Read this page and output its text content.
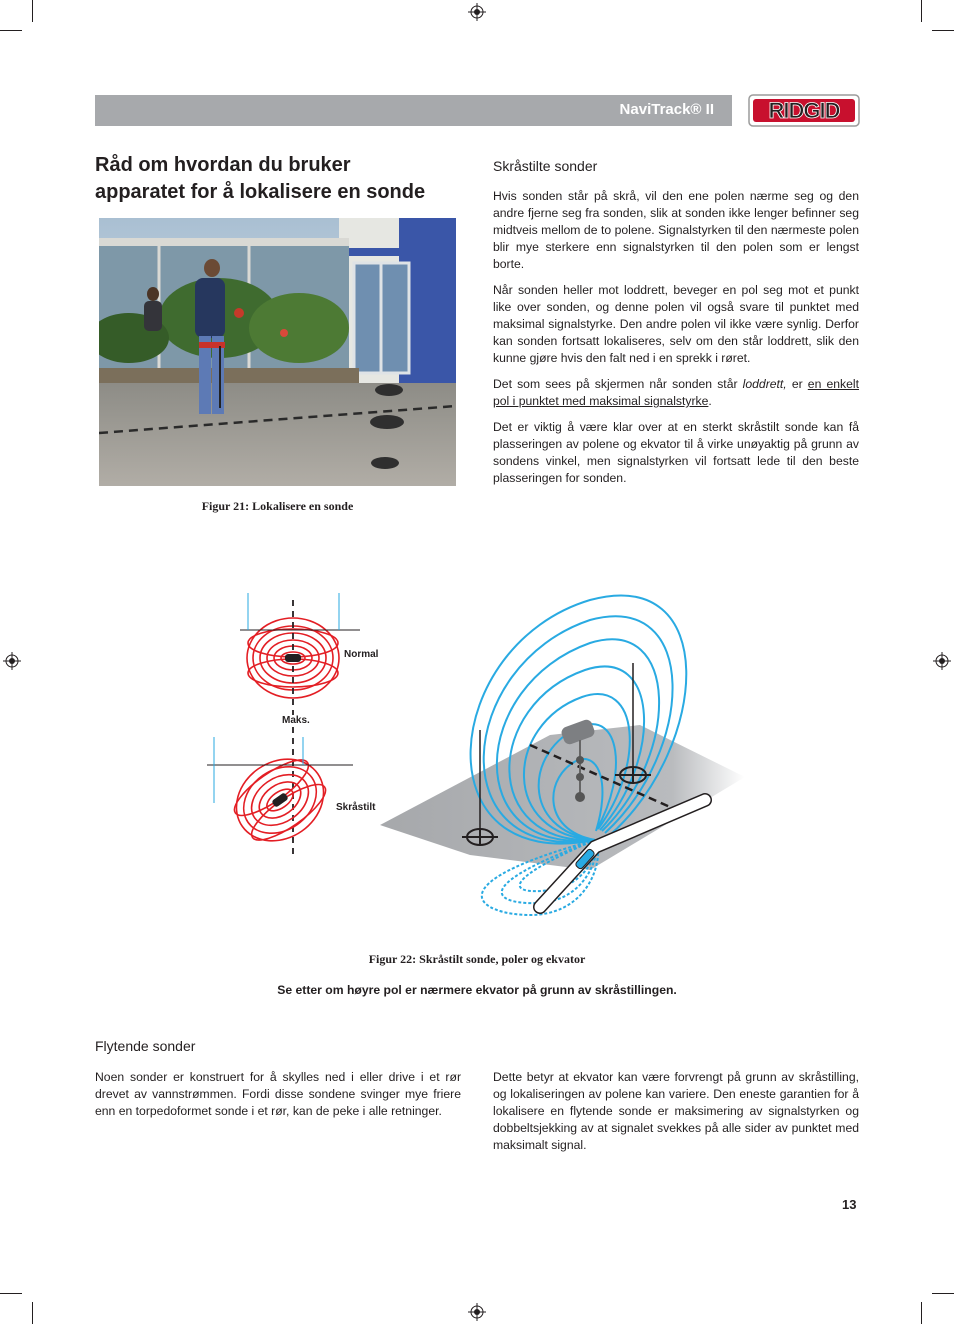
NaviTrack® II RIDGID
Råd om hvordan du bruker
apparatet for å lokalisere en sonde
Figur 21: Lokalisere en sonde
Skråstilte sonder

Hvis sonden står på skrå, vil den ene polen nærme seg og den andre fjerne seg fra sonden, slik at sonden ikke lenger befinner seg midtveis mellom de to polene. Signalstyrken til den nærmeste polen blir mye sterkere enn signalstyrken til den polen som er lengst borte.

Når sonden heller mot loddrett, beveger en pol seg mot et punkt like over sonden, og denne polen vil også svare til punktet med maksimal signalstyrke. Den andre polen vil ikke være synlig. Derfor kan sonden fortsatt lokaliseres, selv om den står loddrett, slik den kunne gjøre hvis den falt ned i en sprekk i røret.

Det som sees på skjermen når sonden står loddrett, er en enkelt pol i punktet med maksimal signalstyrke.

Det er viktig å være klar over at en sterkt skråstilt sonde kan få plasseringen av polene og ekvator til å virke unøyaktig på grunn av sondens vinkel, men signalstyrken vil fortsatt lede til den beste plasseringen for sonden.

Normal
Maks.
Skråstilt
Figur 22: Skråstilt sonde, poler og ekvator
Se etter om høyre pol er nærmere ekvator på grunn av skråstillingen.
Flytende sonder

Noen sonder er konstruert for å skylles ned i eller drive i et rør drevet av vannstrømmen. Fordi disse sondene svinger mye friere enn en torpedoformet sonde i et rør, kan de peke i alle retninger.

Dette betyr at ekvator kan være forvrengt på grunn av skråstilling, og lokaliseringen av polene kan variere. Den eneste garantien for å lokalisere en flytende sonde er maksimering av signalstyrken og dobbeltsjekking av at signalet svekkes på alle sider av punktet med maksimalt signal.

13
